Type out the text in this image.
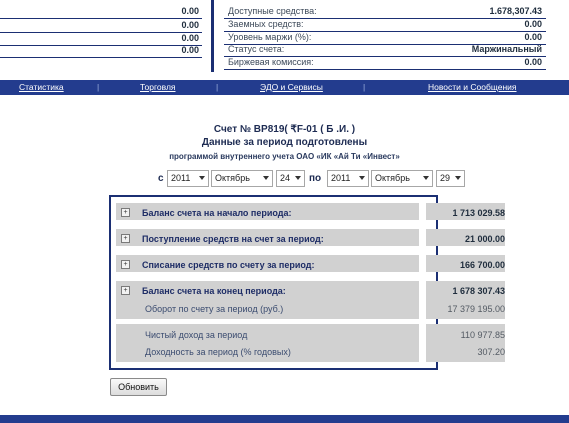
0.00
0.00
0.00
0.00
Доступные средства:	1.678,307.43
Заемных средств:	0.00
Уровень маржи (%):	0.00
Статус счета:	Маржинальный
Биржевая комиссия:	0.00
Статистика	|	Торговля	|	ЭДО и Сервисы	|	Новости и Сообщения
Счет № BP819( ₹F-01 ( Б .И. )
Данные за период подготовлены
программой внутреннего учета ОАО «ИК «Ай Ти «Инвест»
с 2011	Октябрь	24 по 2011	Октябрь	29
+ Баланс счета на начало периода:	1 713 029.58
+ Поступление средств на счет за период:	21 000.00
+ Списание средств по счету за период:	166 700.00
+ Баланс счета на конец периода:	1 678 307.43
Оборот по счету за период (руб.)	17 379 195.00
Чистый доход за период	110 977.85
Доходность за период (% годовых)	307.20
Обновить
